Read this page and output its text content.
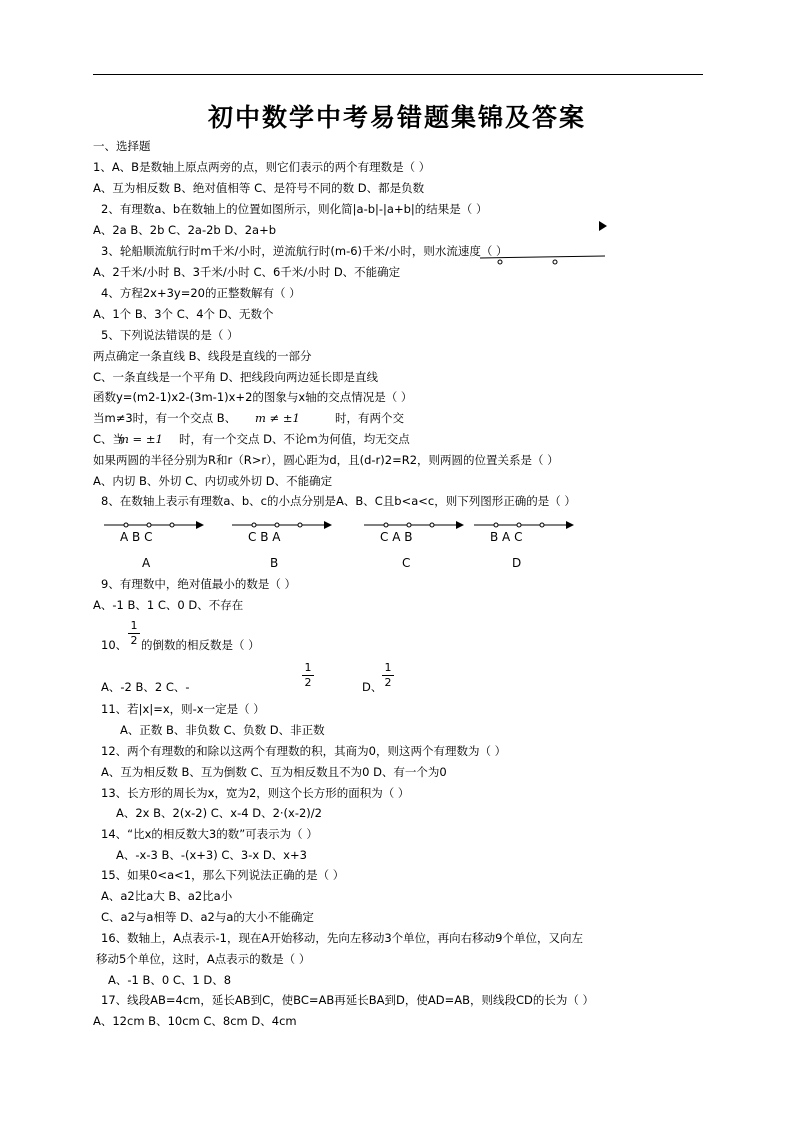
初中数学中考易错题集锦及答案
一、选择题
1、A、B是数轴上原点两旁的点，则它们表示的两个有理数是（ ）
A、互为相反数 B、绝对值相等 C、是符号不同的数 D、都是负数
2、有理数a、b在数轴上的位置如图所示，则化简|a-b|-|a+b|的结果是（ ）
A、2a B、2b C、2a-2b D、2a+b
3、轮船顺流航行时m千米/小时，逆流航行时(m-6)千米/小时，则水流速度（ ）
A、2千米/小时 B、3千米/小时 C、6千米/小时 D、不能确定
4、方程2x+3y=20的正整数解有（ ）
A、1个 B、3个 C、4个 D、无数个
5、下列说法错误的是（ ）
两点确定一条直线 B、线段是直线的一部分
C、一条直线是一个平角 D、把线段向两边延长即是直线
函数y=(m2-1)x2-(3m-1)x+2的图象与x轴的交点情况是（ ）
当m≠3时，有一个交点 B、	时，有两个交
C、当	时，有一个交点 D、不论m为何值，均无交点
如果两圆的半径分别为R和r（R>r），圆心距为d，且(d-r)2=R2，则两圆的位置关系是（ ）
A、内切 B、外切 C、内切或外切 D、不能确定
8、在数轴上表示有理数a、b、c的小点分别是A、B、C且b<a<c，则下列图形正确的是（ ）
9、有理数中，绝对值最小的数是（ ）
A、-1 B、1 C、0 D、不存在
10、 的倒数的相反数是（ ）
A、-2 B、2 C、-	D、
11、若|x|=x，则-x一定是（ ）
A、正数 B、非负数 C、负数 D、非正数
12、两个有理数的和除以这两个有理数的积，其商为0，则这两个有理数为（ ）
A、互为相反数 B、互为倒数 C、互为相反数且不为0 D、有一个为0
13、长方形的周长为x，宽为2，则这个长方形的面积为（ ）
A、2x B、2(x-2) C、x-4 D、2·(x-2)/2
14、“比x的相反数大3的数”可表示为（ ）
A、-x-3 B、-(x+3) C、3-x D、x+3
15、如果0<a<1，那么下列说法正确的是（ ）
A、a2比a大 B、a2比a小
C、a2与a相等 D、a2与a的大小不能确定
16、数轴上，A点表示-1，现在A开始移动，先向左移动3个单位，再向右移动9个单位，又向左
移动5个单位，这时，A点表示的数是（ ）
A、-1 B、0 C、1 D、8
17、线段AB=4cm，延长AB到C，使BC=AB再延长BA到D，使AD=AB，则线段CD的长为（ ）
A、12cm B、10cm C、8cm D、4cm
m ≠ ±1
m = ±1
1
2
1
2
1
2
A B C
A
C B A
B
C A B
C
B A C
D
